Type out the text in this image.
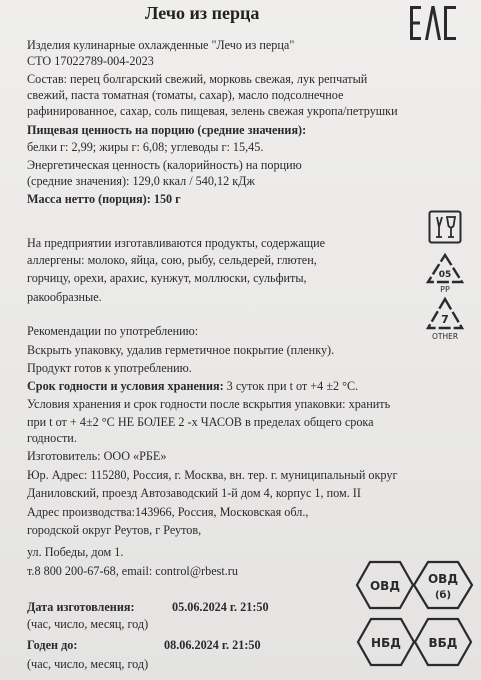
Лечо из перца
Изделия кулинарные охлажденные "Лечо из перца"
СТО 17022789-004-2023
Состав: перец болгарский свежий, морковь свежая, лук репчатый
свежий, паста томатная (томаты, сахар), масло подсолнечное
рафинированное, сахар, соль пищевая, зелень свежая укропа/петрушки
Пищевая ценность на порцию (средние значения):
белки г: 2,99; жиры г: 6,08; углеводы г: 15,45.
Энергетическая ценность (калорийность) на порцию
(средние значения): 129,0 ккал / 540,12 кДж
Масса нетто (порция): 150 г
На предприятии изготавливаются продукты, содержащие
аллергены: молоко, яйца, сою, рыбу, сельдерей, глютен,
горчицу, орехи, арахис, кунжут, моллюски, сульфиты,
ракообразные.
05
PP
7
OTHER
Рекомендации по употреблению:
Вскрыть упаковку, удалив герметичное покрытие (пленку).
Продукт готов к употреблению.
Срок годности и условия хранения: 3 суток при t от +4 ±2 °С.
Условия хранения и срок годности после вскрытия упаковки: хранить
при t от + 4±2 °С НЕ БОЛЕЕ 2 -х ЧАСОВ в пределах общего срока
годности.
Изготовитель: ООО «РБЕ»
Юр. Адрес: 115280, Россия, г. Москва, вн. тер. г. муниципальный округ
Даниловский, проезд Автозаводский 1-й дом 4, корпус 1, пом. II
Адрес производства:143966, Россия, Московская обл.,
городской округ Реутов, г Реутов,
ул. Победы, дом 1.
т.8 800 200-67-68, email: control@rbest.ru
Дата изготовления:	05.06.2024 г. 21:50
(час, число, месяц, год)
Годен до:	08.06.2024 г. 21:50
(час, число, месяц, год)
ОВД ОВД
(б)
НБД ВБД
